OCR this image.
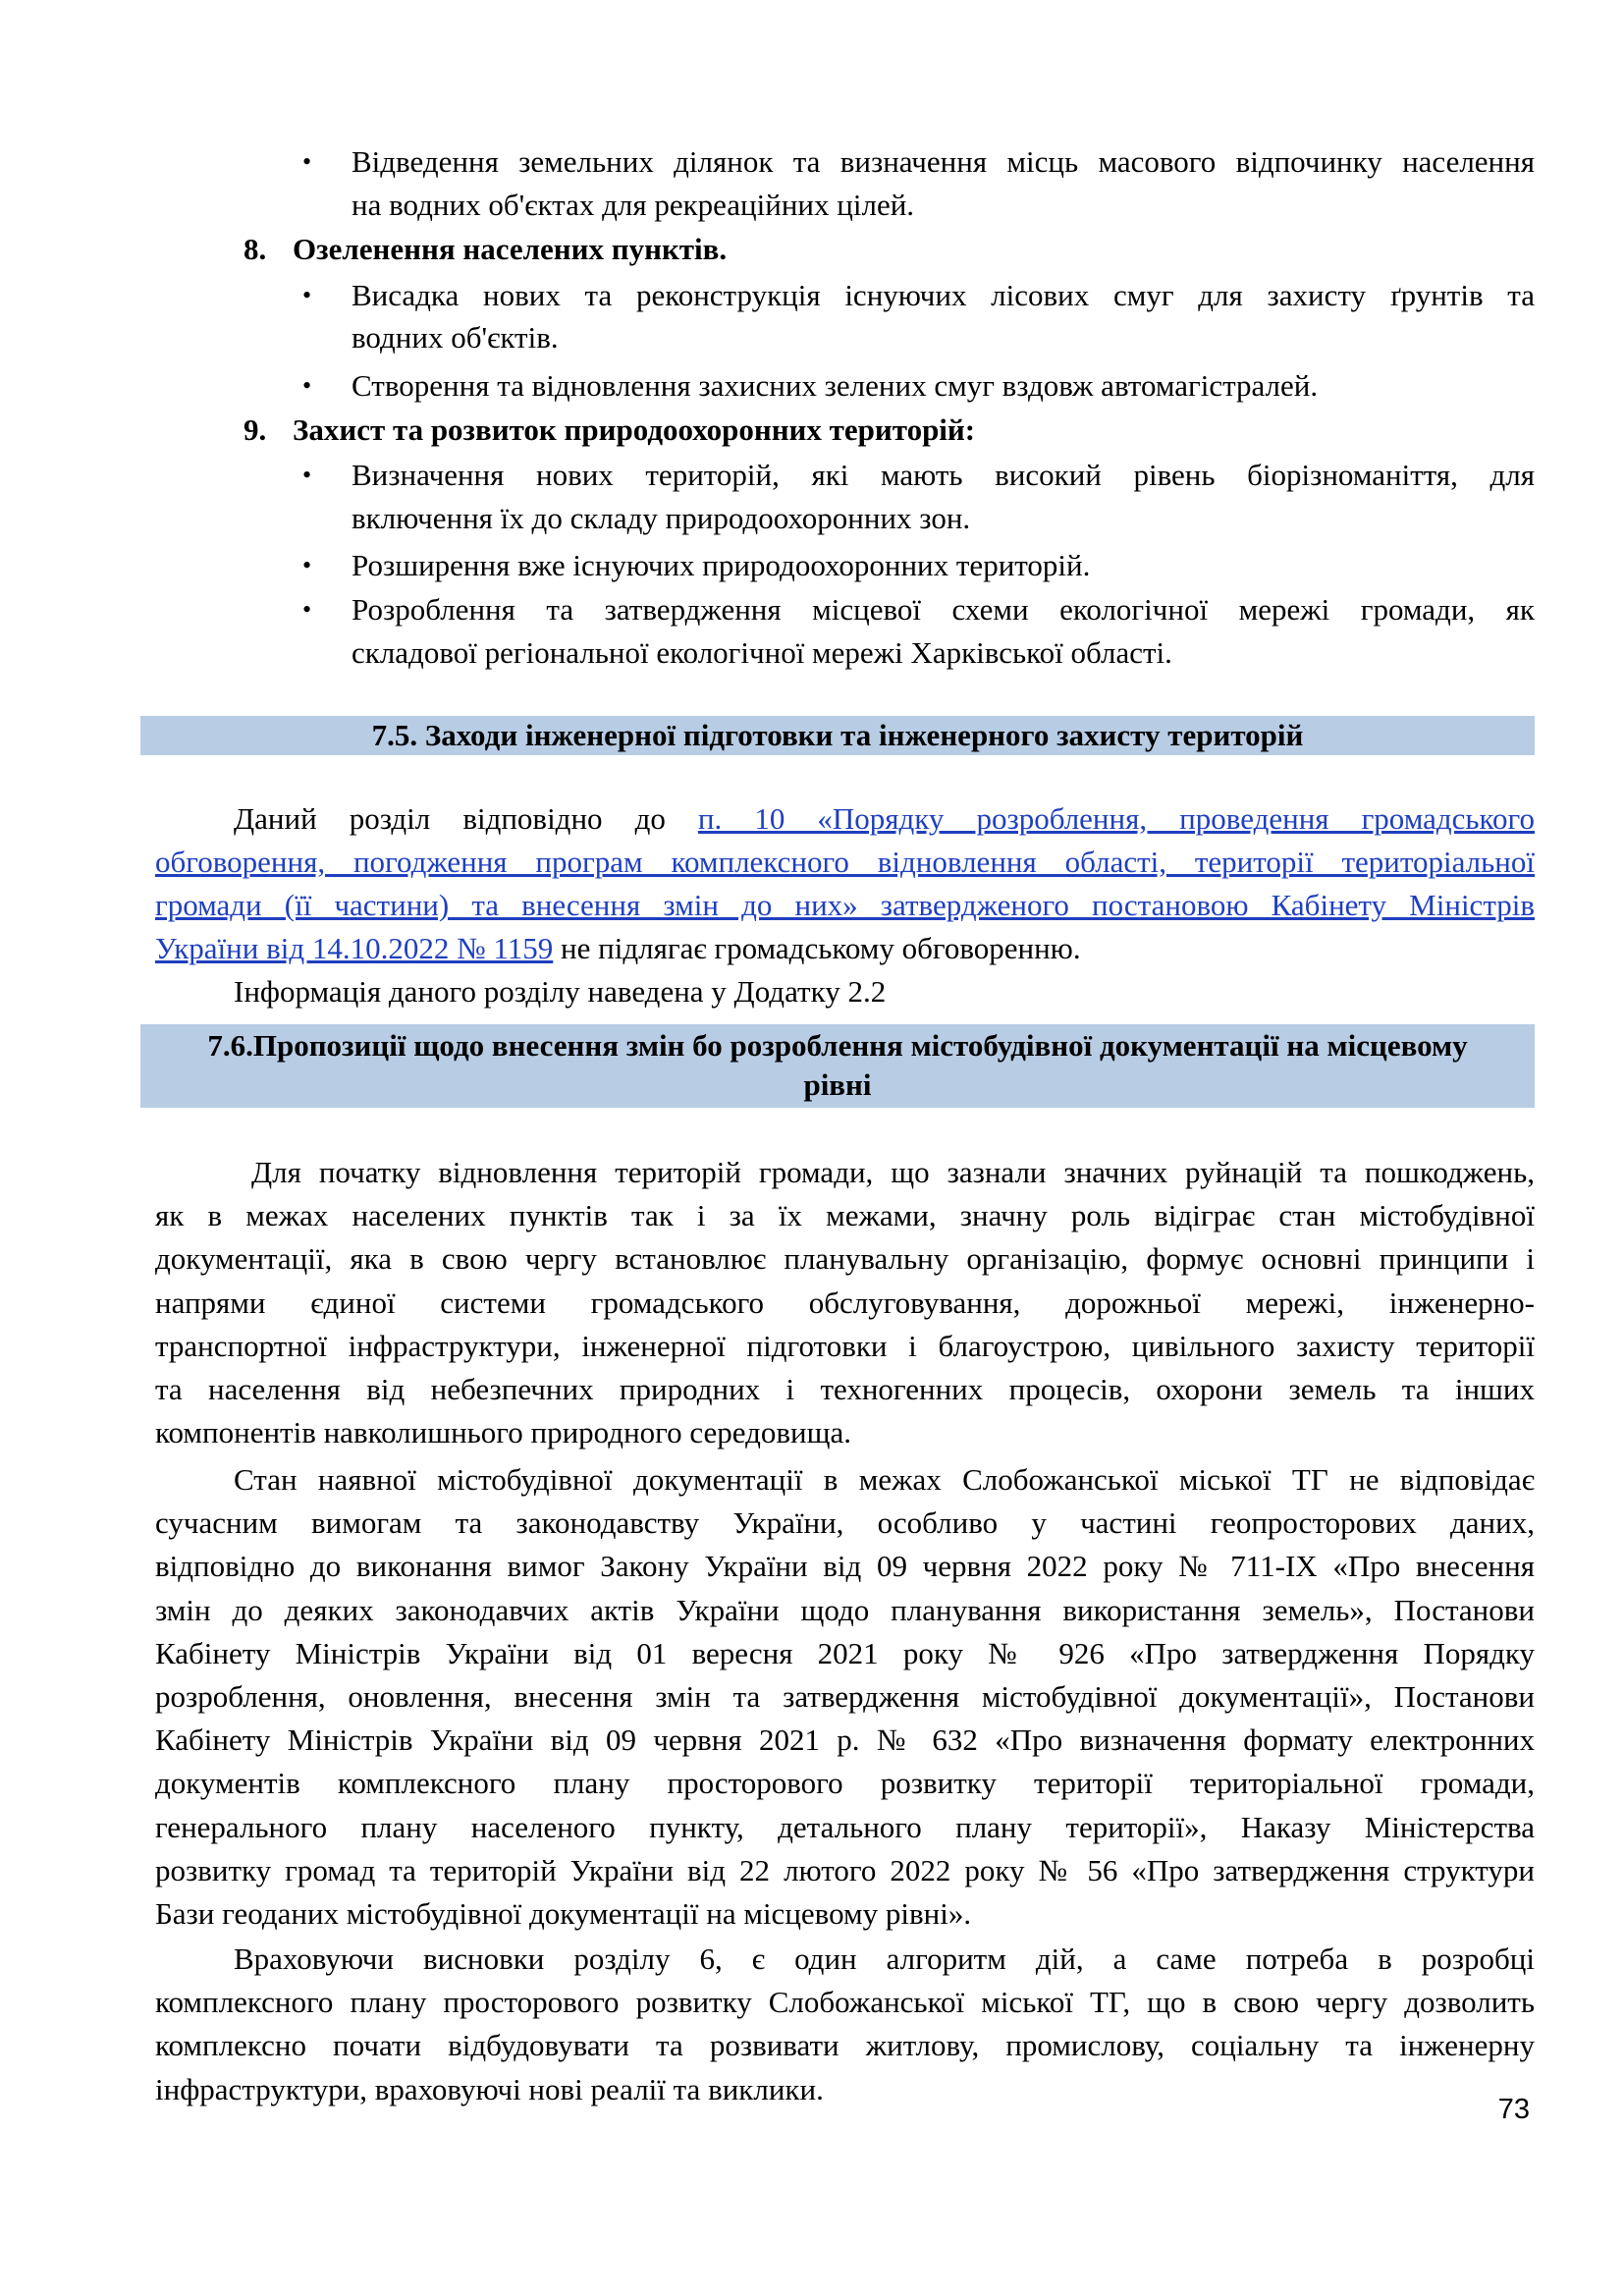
• Відведення земельних ділянок та визначення місць масового відпочинку населення
на водних об'єктах для рекреаційних цілей.
8. Озеленення населених пунктів.
• Висадка нових та реконструкція існуючих лісових смуг для захисту ґрунтів та
водних об'єктів.
• Створення та відновлення захисних зелених смуг вздовж автомагістралей.
9. Захист та розвиток природоохоронних територій:
• Визначення нових територій, які мають високий рівень біорізноманіття, для
включення їх до складу природоохоронних зон.
• Розширення вже існуючих природоохоронних територій.
• Розроблення та затвердження місцевої схеми екологічної мережі громади, як
складової регіональної екологічної мережі Харківської області.
7.5. Заходи інженерної підготовки та інженерного захисту територій
Даний розділ відповідно до п. 10 «Порядку розроблення, проведення громадського
обговорення, погодження програм комплексного відновлення області, території територіальної
громади (її частини) та внесення змін до них» затвердженого постановою Кабінету Міністрів
України від 14.10.2022 № 1159 не підлягає громадському обговоренню.
Інформація даного розділу наведена у Додатку 2.2
7.6.Пропозиції щодо внесення змін бо розроблення містобудівної документації на місцевому
рівні
Для початку відновлення територій громади, що зазнали значних руйнацій та пошкоджень,
як в межах населених пунктів так і за їх межами, значну роль відіграє стан містобудівної
документації, яка в свою чергу встановлює планувальну організацію, формує основні принципи і
напрями єдиної системи громадського обслуговування, дорожньої мережі, інженерно-
транспортної інфраструктури, інженерної підготовки і благоустрою, цивільного захисту території
та населення від небезпечних природних і техногенних процесів, охорони земель та інших
компонентів навколишнього природного середовища.
Стан наявної містобудівної документації в межах Слобожанської міської ТГ не відповідає
сучасним вимогам та законодавству України, особливо у частині геопросторових даних,
відповідно до виконання вимог Закону України від 09 червня 2022 року № 711-IX «Про внесення
змін до деяких законодавчих актів України щодо планування використання земель», Постанови
Кабінету Міністрів України від 01 вересня 2021 року № 926 «Про затвердження Порядку
розроблення, оновлення, внесення змін та затвердження містобудівної документації», Постанови
Кабінету Міністрів України від 09 червня 2021 р. № 632 «Про визначення формату електронних
документів комплексного плану просторового розвитку території територіальної громади,
генерального плану населеного пункту, детального плану території», Наказу Міністерства
розвитку громад та територій України від 22 лютого 2022 року № 56 «Про затвердження структури
Бази геоданих містобудівної документації на місцевому рівні».
Враховуючи висновки розділу 6, є один алгоритм дій, а саме потреба в розробці
комплексного плану просторового розвитку Слобожанської міської ТГ, що в свою чергу дозволить
комплексно почати відбудовувати та розвивати житлову, промислову, соціальну та інженерну
інфраструктури, враховуючі нові реалії та виклики.
73
